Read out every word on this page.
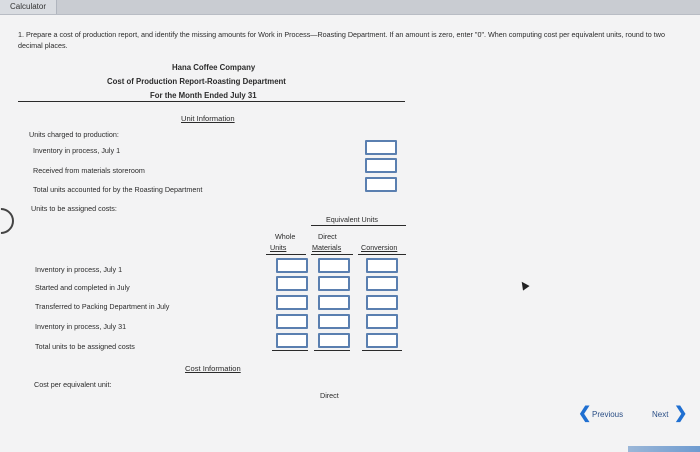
Calculator
1. Prepare a cost of production report, and identify the missing amounts for Work in Process—Roasting Department. If an amount is zero, enter "0". When computing cost per equivalent units, round to two decimal places.
Hana Coffee Company
Cost of Production Report-Roasting Department
For the Month Ended July 31
Unit Information
Units charged to production:
Inventory in process, July 1
Received from materials storeroom
Total units accounted for by the Roasting Department
Units to be assigned costs:
Equivalent Units
Whole
Units
Direct
Materials	Conversion
Inventory in process, July 1
Started and completed in July
Transferred to Packing Department in July
Inventory in process, July 31
Total units to be assigned costs
Cost Information
Cost per equivalent unit:
Direct
❮ Previous	Next ❯
